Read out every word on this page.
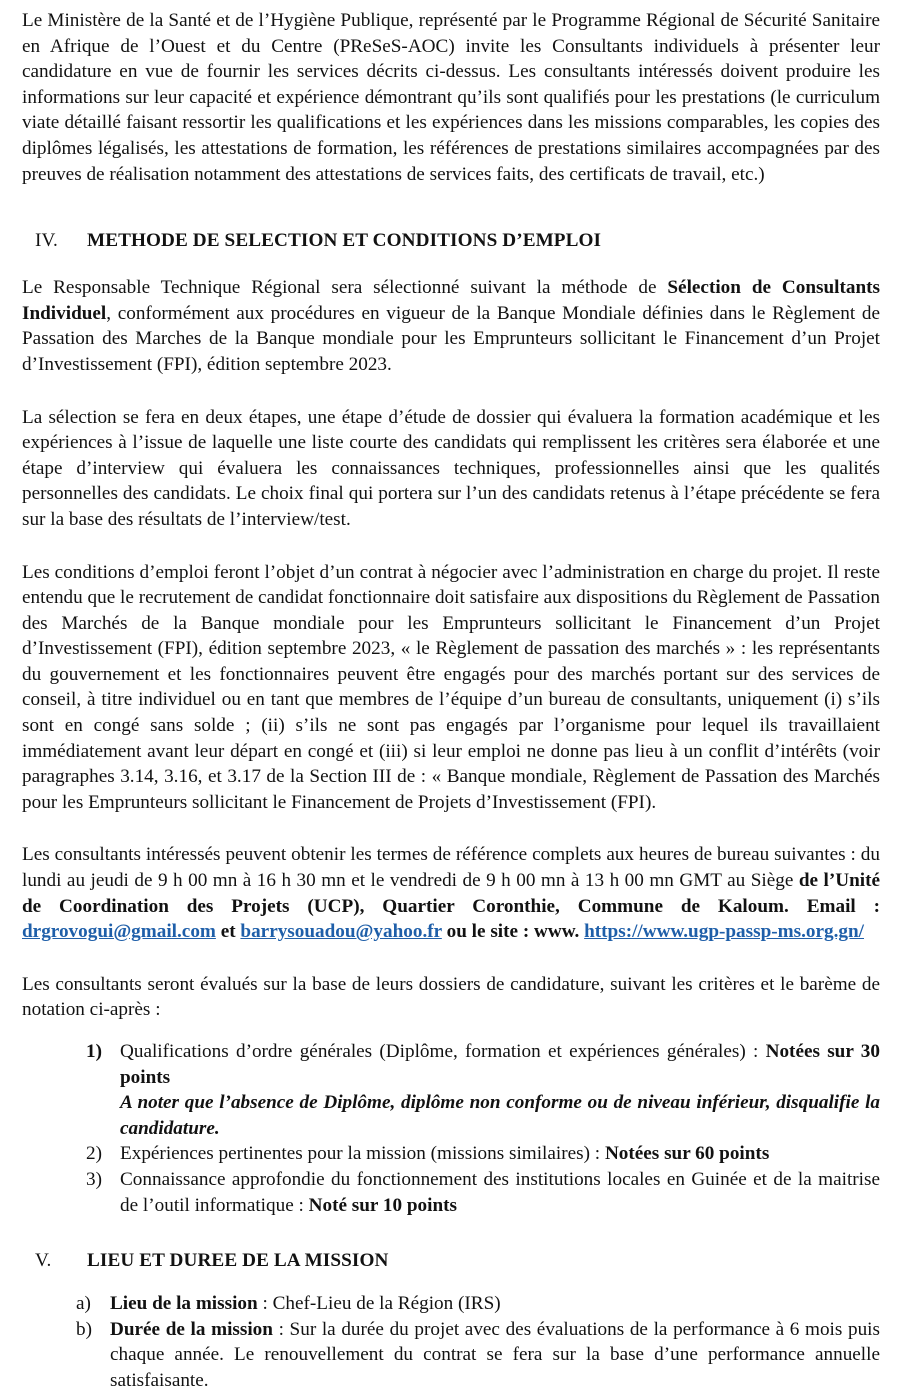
Le Ministère de la Santé et de l’Hygiène Publique, représenté par le Programme Régional de Sécurité Sanitaire en Afrique de l’Ouest et du Centre (PReSeS-AOC) invite les Consultants individuels à présenter leur candidature en vue de fournir les services décrits ci-dessus. Les consultants intéressés doivent produire les informations sur leur capacité et expérience démontrant qu’ils sont qualifiés pour les prestations (le curriculum viate détaillé faisant ressortir les qualifications et les expériences dans les missions comparables, les copies des diplômes légalisés, les attestations de formation, les références de prestations similaires accompagnées par des preuves de réalisation notamment des attestations de services faits, des certificats de travail, etc.)

IV.	METHODE DE SELECTION ET CONDITIONS D’EMPLOI

Le Responsable Technique Régional sera sélectionné suivant la méthode de Sélection de Consultants Individuel, conformément aux procédures en vigueur de la Banque Mondiale définies dans le Règlement de Passation des Marches de la Banque mondiale pour les Emprunteurs sollicitant le Financement d’un Projet d’Investissement (FPI), édition septembre 2023.

La sélection se fera en deux étapes, une étape d’étude de dossier qui évaluera la formation académique et les expériences à l’issue de laquelle une liste courte des candidats qui remplissent les critères sera élaborée et une étape d’interview qui évaluera les connaissances techniques, professionnelles ainsi que les qualités personnelles des candidats. Le choix final qui portera sur l’un des candidats retenus à l’étape précédente se fera sur la base des résultats de l’interview/test.

Les conditions d’emploi feront l’objet d’un contrat à négocier avec l’administration en charge du projet. Il reste entendu que le recrutement de candidat fonctionnaire doit satisfaire aux dispositions du Règlement de Passation des Marchés de la Banque mondiale pour les Emprunteurs sollicitant le Financement d’un Projet d’Investissement (FPI), édition septembre 2023, « le Règlement de passation des marchés » : les représentants du gouvernement et les fonctionnaires peuvent être engagés pour des marchés portant sur des services de conseil, à titre individuel ou en tant que membres de l’équipe d’un bureau de consultants, uniquement (i) s’ils sont en congé sans solde ; (ii) s’ils ne sont pas engagés par l’organisme pour lequel ils travaillaient immédiatement avant leur départ en congé et (iii) si leur emploi ne donne pas lieu à un conflit d’intérêts (voir paragraphes 3.14, 3.16, et 3.17 de la Section III de : « Banque mondiale, Règlement de Passation des Marchés pour les Emprunteurs sollicitant le Financement de Projets d’Investissement (FPI).

Les consultants intéressés peuvent obtenir les termes de référence complets aux heures de bureau suivantes : du lundi au jeudi de 9 h 00 mn à 16 h 30 mn et le vendredi de 9 h 00 mn à 13 h 00 mn GMT au Siège de l’Unité de Coordination des Projets (UCP), Quartier Coronthie, Commune de Kaloum. Email : drgrovogui@gmail.com et barrysouadou@yahoo.fr ou le site : www. https://www.ugp-passp-ms.org.gn/

Les consultants seront évalués sur la base de leurs dossiers de candidature, suivant les critères et le barème de notation ci-après :

1) Qualifications d’ordre générales (Diplôme, formation et expériences générales) : Notées sur 30 points
A noter que l’absence de Diplôme, diplôme non conforme ou de niveau inférieur, disqualifie la candidature.
2) Expériences pertinentes pour la mission (missions similaires) : Notées sur 60 points
3) Connaissance approfondie du fonctionnement des institutions locales en Guinée et de la maitrise de l’outil informatique : Noté sur 10 points
V.	LIEU ET DUREE DE LA MISSION
a) Lieu de la mission : Chef-Lieu de la Région (IRS)
b) Durée de la mission : Sur la durée du projet avec des évaluations de la performance à 6 mois puis chaque année. Le renouvellement du contrat se fera sur la base d’une performance annuelle satisfaisante.
